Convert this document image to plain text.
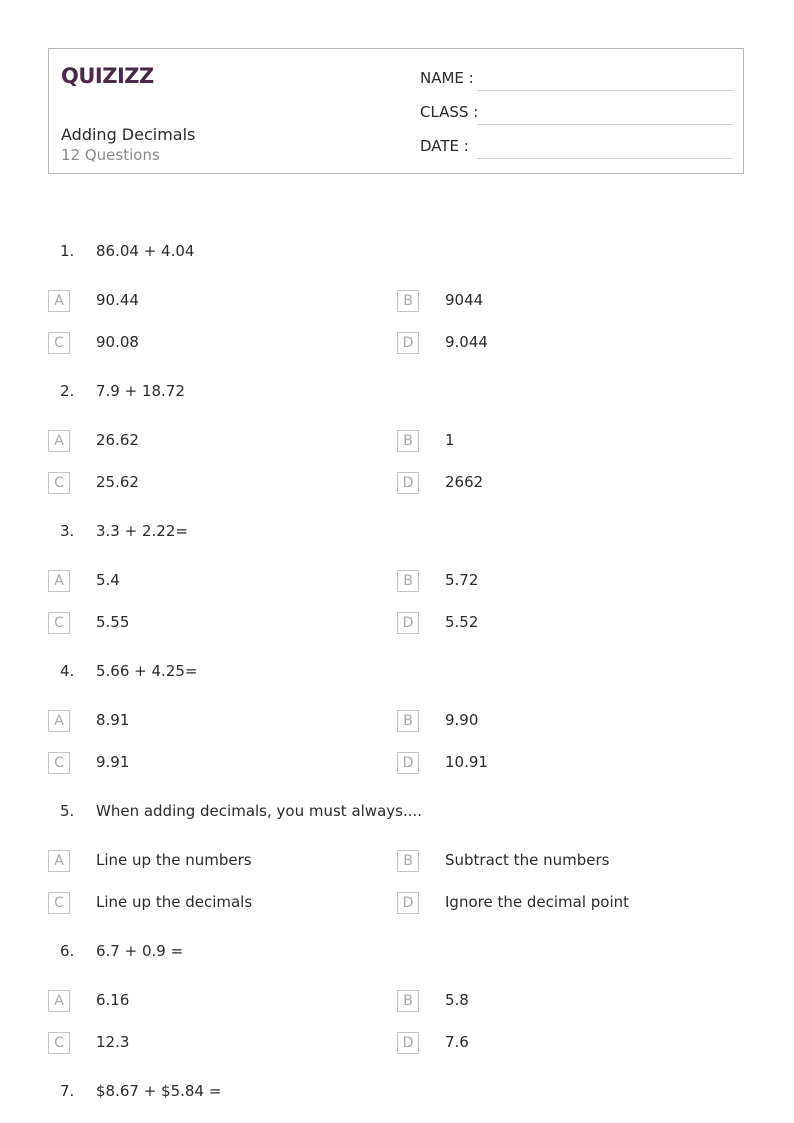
QUIZIZZ
Adding Decimals
12 Questions
NAME :
CLASS :
DATE :
1. 86.04 + 4.04
A	90.44	B	9044
C	90.08	D	9.044
2. 7.9 + 18.72
A	26.62	B	1
C	25.62	D	2662
3. 3.3 + 2.22=
A	5.4	B	5.72
C	5.55	D	5.52
4. 5.66 + 4.25=
A	8.91	B	9.90
C	9.91	D	10.91
5. When adding decimals, you must always....
A	Line up the numbers	B	Subtract the numbers
C	Line up the decimals	D	Ignore the decimal point
6. 6.7 + 0.9 =
A	6.16	B	5.8
C	12.3	D	7.6
7. $8.67 + $5.84 =
